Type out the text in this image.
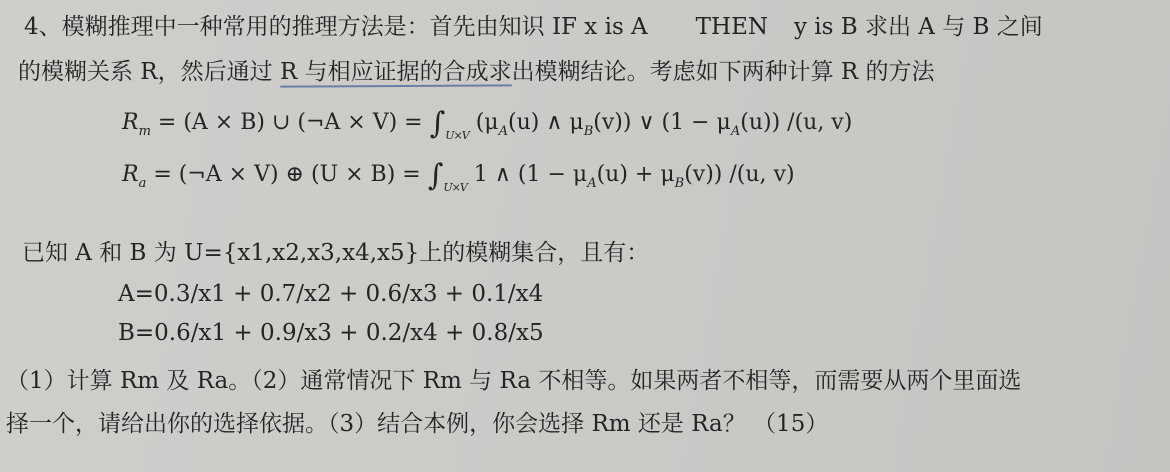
4、模糊推理中一种常用的推理方法是：首先由知识 IF x is A THEN y is B 求出 A 与 B 之间
的模糊关系 R，然后通过 R 与相应证据的合成求出模糊结论。考虑如下两种计算 R 的方法
$R_m = (A \times B)$ ∪ (¬A × $V) = \int_{U\times V}$ ($\mu_A(u)$ ∧ $\mu_B(v)$) ∨ $(1 - \mu_A(u))$ /(u, v)
$R_a$ = (¬A × V) ⊕ $(U \times B) = \int_{U\times V}$ 1 ∧ $(1 - \mu_A(u) + \mu_B(v))$ /(u, v)
已知 A 和 B 为 U={x1,x2,x3,x4,x5}上的模糊集合，且有：
A=0.3/x1 + 0.7/x2 + 0.6/x3 + 0.1/x4
B=0.6/x1 + 0.9/x3 + 0.2/x4 + 0.8/x5
（1）计算 Rm 及 Ra。（2）通常情况下 Rm 与 Ra 不相等。如果两者不相等，而需要从两个里面选
择一个，请给出你的选择依据。（3）结合本例，你会选择 Rm 还是 Ra？ （15）
